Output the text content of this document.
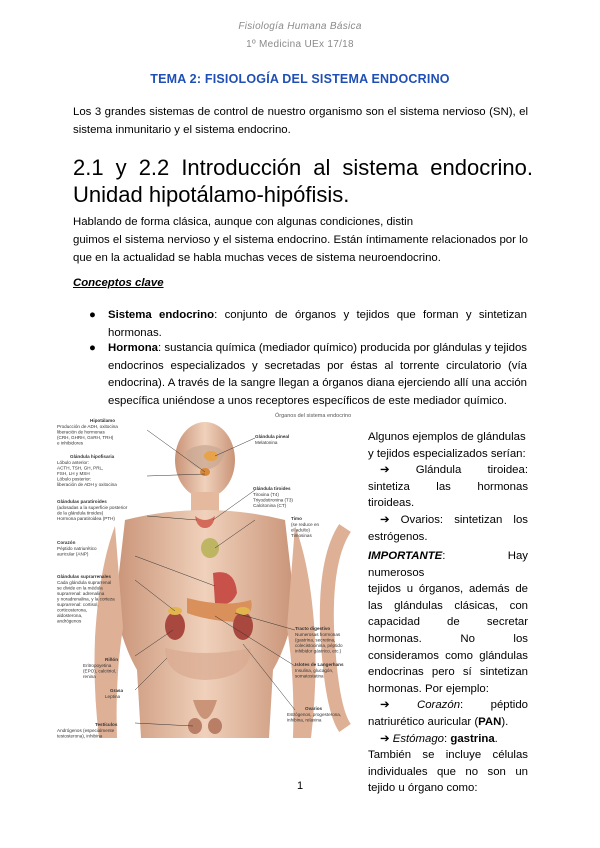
Fisiología Humana Básica
1º Medicina UEx 17/18
TEMA 2: FISIOLOGÍA DEL SISTEMA ENDOCRINO
Los 3 grandes sistemas de control de nuestro organismo son el sistema nervioso (SN), el sistema inmunitario y el sistema endocrino.
2.1 y 2.2 Introducción al sistema endocrino. Unidad hipotálamo-hipófisis.
Hablando de forma clásica, aunque con algunas condiciones, distin
guimos el sistema nervioso y el sistema endocrino. Están íntimamente relacionados por lo que en la actualidad se habla muchas veces de sistema neuroendocrino.
Conceptos clave
● Sistema endocrino: conjunto de órganos y tejidos que forman y sintetizan hormonas.
● Hormona: sustancia química (mediador químico) producida por glándulas y tejidos endocrinos especializados y secretadas por éstas al torrente circulatorio (vía endocrina). A través de la sangre llegan a órganos diana ejerciendo allí una acción específica uniéndose a unos receptores específicos de este mediador químico.
Órganos del sistema endocrino
Hipotálamo
Producción de ADH, oxitocina
liberación de hormonas
(CRH, GHRH, GnRH, TRH)
e inhibidores
Glándula hipofisaria
Lóbulo anterior:
ACTH, TSH, GH, PRL,
FSH, LH y MSH
Lóbulo posterior:
liberación de ADH y oxitocina
Glándulas paratiroides
(adosadas a la superficie posterior
de la glándula tiroides)
Hormona paratiroidea (PTH)
Corazón
Péptido natriurético
auricular (ANP)
Glándulas suprarrenales
Cada glándula suprarrenal
se divide en la médula
suprarrenal: adrenalina
y noradrenalina, y la corteza
suprarrenal: cortisol,
corticosterona,
aldosterona,
andrógenos
Riñón
Eritropoyetina
(EPO), calcitriol,
renina
Grasa
Leptina
Testículos
Andrógenos (especialmente
testosterona), inhibina
Glándula pineal
Melatonina
Glándula tiroides
Tiroxina (T4)
Triyodotironina (T3)
Calcitonina (CT)
Timo
(se reduce en
el adulto)
Timosinas
Tracto digestivo
Numerosas hormonas
(gastrina, secretina,
colecistocinina, péptido
inhibidor gástrico, etc.)
Islotes de Langerhans
Insulina, glucagón,
somatostatina
Ovarios
Estrógenos, progesterona,
inhibina, relaxina
Algunos ejemplos de glándulas
y tejidos especializados serían:
➔ Glándula tiroidea:
sintetiza las hormonas
tiroideas.
➔ Ovarios: sintetizan los
estrógenos.
IMPORTANTE: Hay numerosos
tejidos u órganos, además de
las glándulas clásicas, con
capacidad de secretar
hormonas. No los
consideramos como glándulas
endocrinas pero sí sintetizan
hormonas. Por ejemplo:
➔ Corazón: péptido
natriurético auricular (PAN).
➔ Estómago: gastrina.
También se incluye células
individuales que no son un
tejido u órgano como:
1
